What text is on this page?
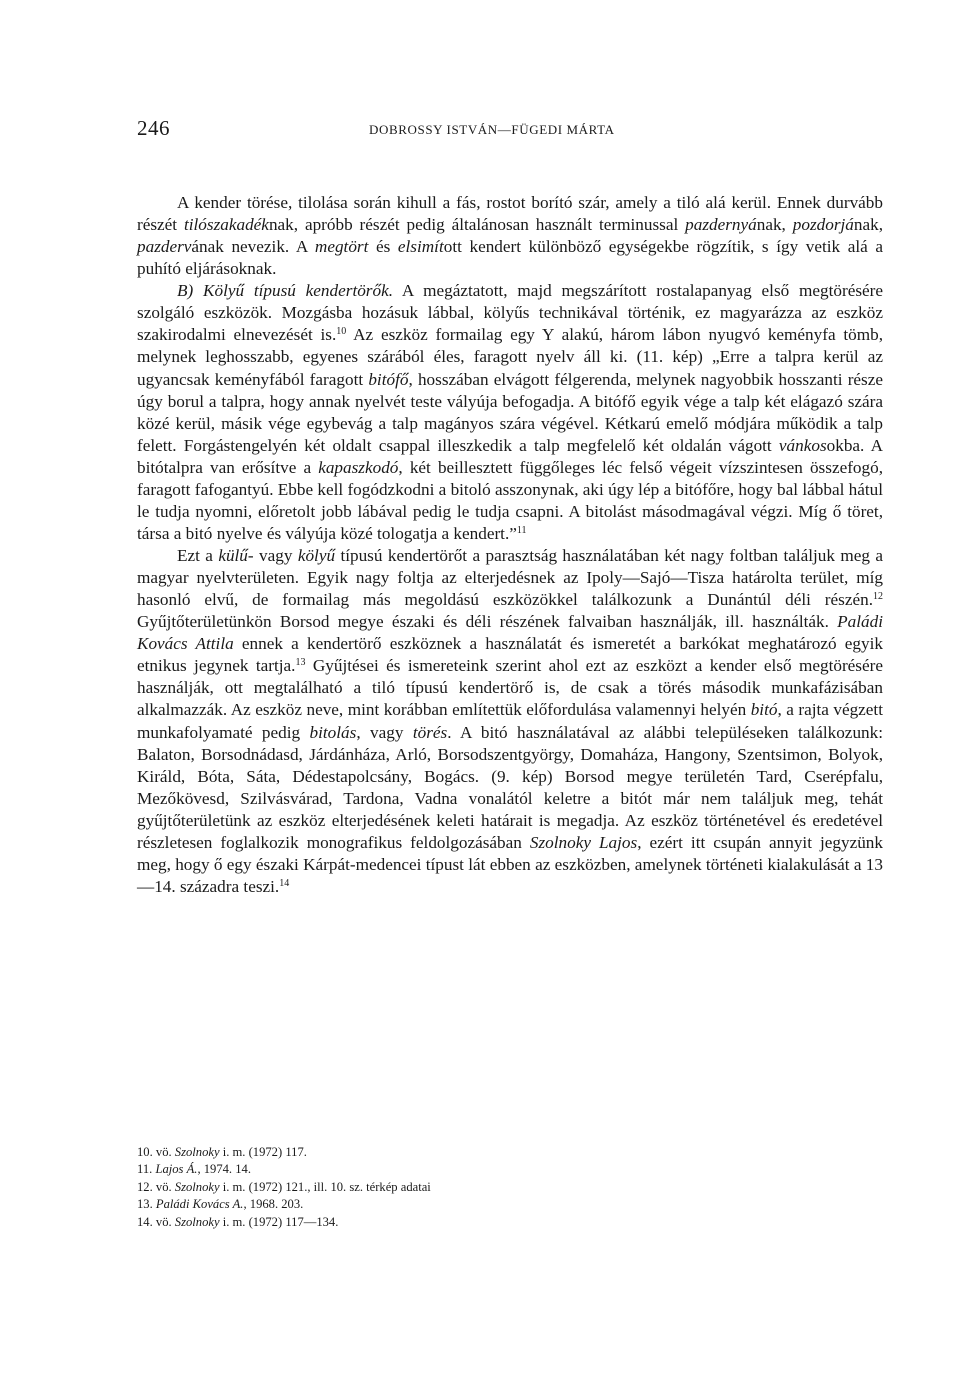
246	DOBROSSY ISTVÁN—FÜGEDI MÁRTA

A kender törése, tilolása során kihull a fás, rostot borító szár, amely a tiló alá kerül. Ennek durvább részét tilószakadéknak, apróbb részét pedig általánosan használt terminussal pazdernyának, pozdorjának, pazdervának nevezik. A megtört és elsimított kendert különböző egységekbe rögzítik, s így vetik alá a puhító eljárásoknak.

B) Kölyű típusú kendertörők. A megáztatott, majd megszárított rostalapanyag első megtörésére szolgáló eszközök. Mozgásba hozásuk lábbal, kölyűs technikával történik, ez magyarázza az eszköz szakirodalmi elnevezését is.$^{10}$ Az eszköz formailag egy Y alakú, három lábon nyugvó keményfa tömb, melynek leghosszabb, egyenes szárából éles, faragott nyelv áll ki. (11. kép) „Erre a talpra kerül az ugyancsak keményfából faragott bitófő, hosszában elvágott félgerenda, melynek nagyobbik hosszanti része úgy borul a talpra, hogy annak nyelvét teste vályúja befogadja. A bitófő egyik vége a talp két elágazó szára közé kerül, másik vége egybevág a talp magányos szára végével. Kétkarú emelő módjára működik a talp felett. Forgástengelyén két oldalt csappal illeszkedik a talp megfelelő két oldalán vágott vánkosokba. A bitótalpra van erősítve a kapaszkodó, két beillesztett függőleges léc felső végeit vízszintesen összefogó, faragott fafogantyú. Ebbe kell fogódzkodni a bitoló asszonynak, aki úgy lép a bitófőre, hogy bal lábbal hátul le tudja nyomni, előretolt jobb lábával pedig le tudja csapni. A bitolást másodmagával végzi. Míg ő töret, társa a bitó nyelve és vályúja közé tologatja a kendert.”$^{11}$

Ezt a külű- vagy kölyű típusú kendertörőt a parasztság használatában két nagy foltban találjuk meg a magyar nyelvterületen. Egyik nagy foltja az elterjedésnek az Ipoly—Sajó—Tisza határolta terület, míg hasonló elvű, de formailag más megoldású eszközökkel találkozunk a Dunántúl déli részén.$^{12}$ Gyűjtőterületünkön Borsod megye északi és déli részének falvaiban használják, ill. használták. Paládi Kovács Attila ennek a kendertörő eszköznek a használatát és ismeretét a barkókat meghatározó egyik etnikus jegynek tartja.$^{13}$ Gyűjtései és ismereteink szerint ahol ezt az eszközt a kender első megtörésére használják, ott megtalálható a tiló típusú kendertörő is, de csak a törés második munkafázisában alkalmazzák. Az eszköz neve, mint korábban említettük előfordulása valamennyi helyén bitó, a rajta végzett munkafolyamaté pedig bitolás, vagy törés. A bitó használatával az alábbi településeken találkozunk: Balaton, Borsodnádasd, Járdánháza, Arló, Borsodszentgyörgy, Domaháza, Hangony, Szentsimon, Bolyok, Királd, Bóta, Sáta, Dédestapolcsány, Bogács. (9. kép) Borsod megye területén Tard, Cserépfalu, Mezőkövesd, Szilvásvárad, Tardona, Vadna vonalától keletre a bitót már nem találjuk meg, tehát gyűjtőterületünk az eszköz elterjedésének keleti határait is megadja. Az eszköz történetével és eredetével részletesen foglalkozik monografikus feldolgozásában Szolnoky Lajos, ezért itt csupán annyit jegyzünk meg, hogy ő egy északi Kárpát-medencei típust lát ebben az eszközben, amelynek történeti kialakulását a 13—14. századra teszi.$^{14}$

10. vö. Szolnoky i. m. (1972) 117.

11. Lajos Á., 1974. 14.

12. vö. Szolnoky i. m. (1972) 121., ill. 10. sz. térkép adatai

13. Paládi Kovács A., 1968. 203.

14. vö. Szolnoky i. m. (1972) 117—134.
